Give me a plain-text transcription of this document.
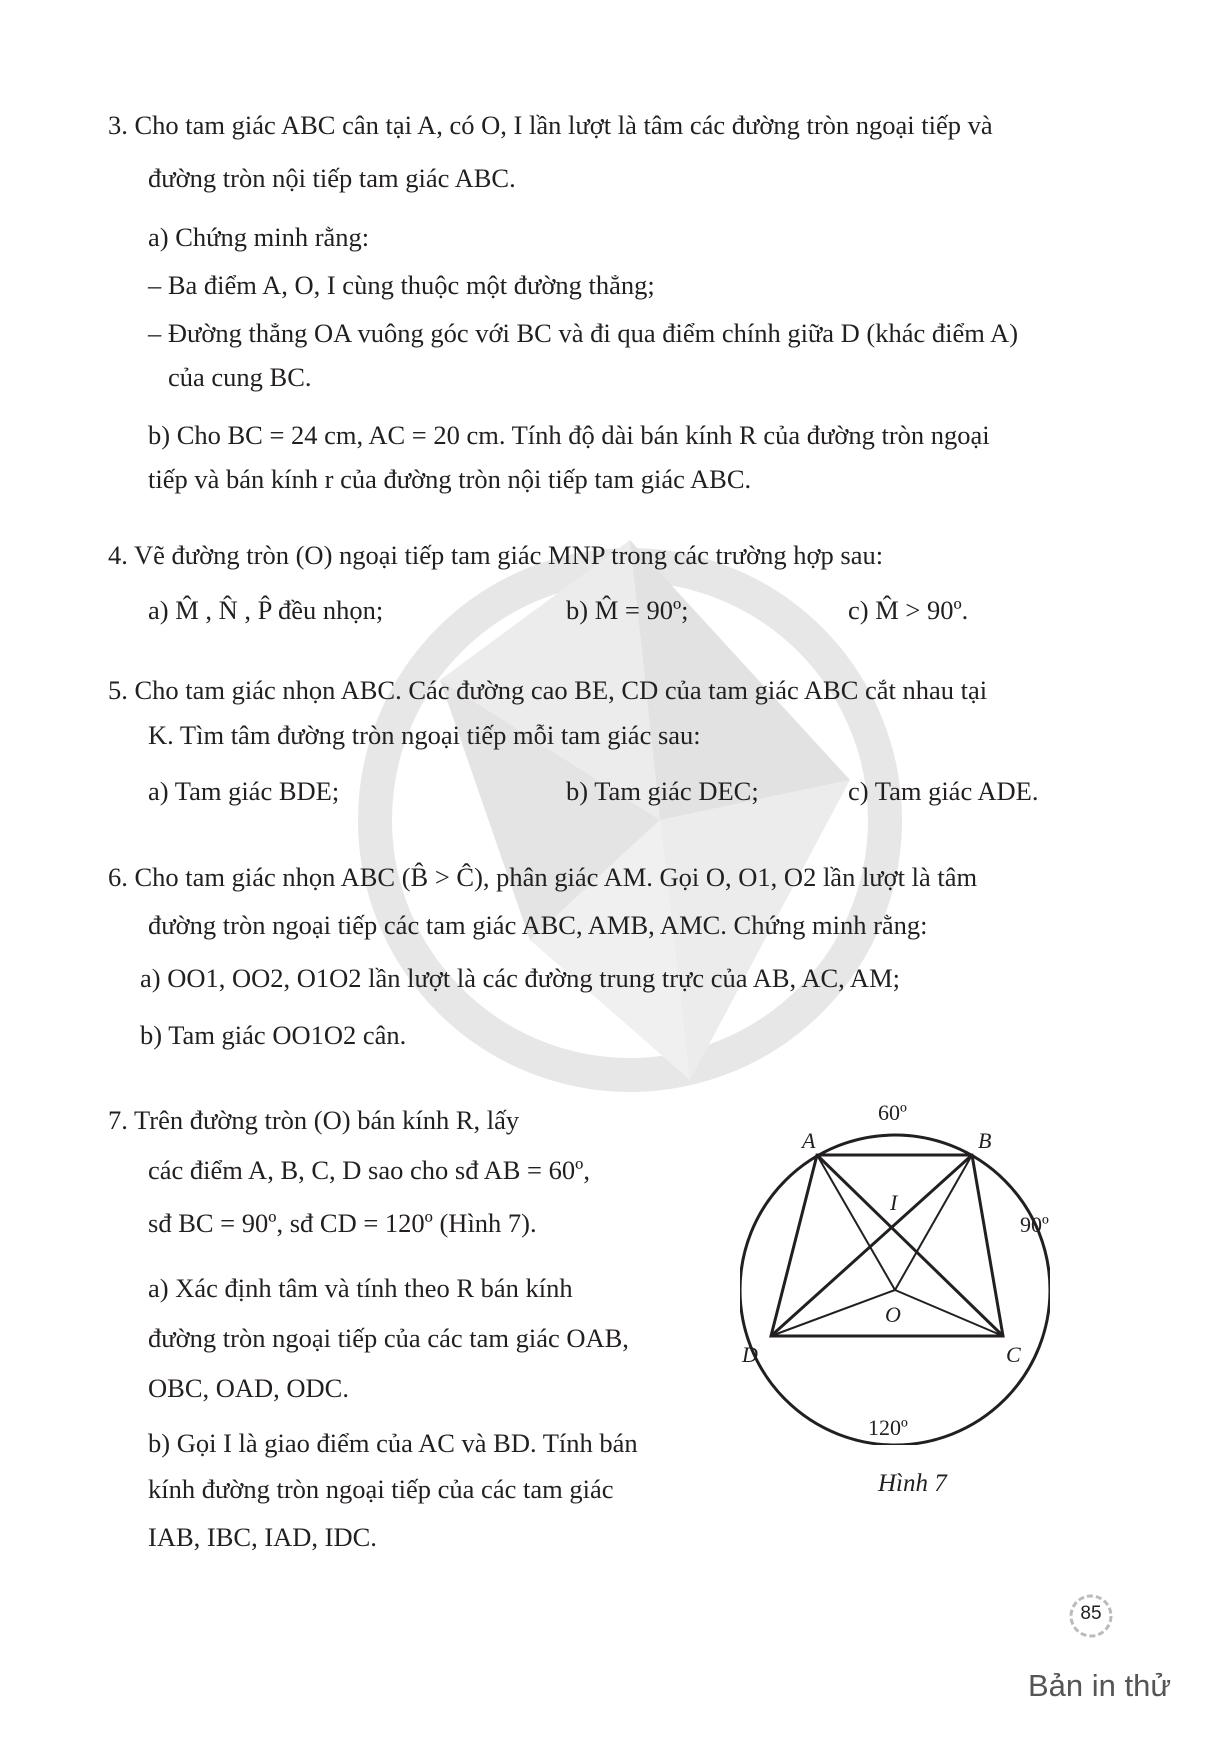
3. Cho tam giác ABC cân tại A, có O, I lần lượt là tâm các đường tròn ngoại tiếp và
đường tròn nội tiếp tam giác ABC.
a) Chứng minh rằng:
– Ba điểm A, O, I cùng thuộc một đường thẳng;
– Đường thẳng OA vuông góc với BC và đi qua điểm chính giữa D (khác điểm A)
của cung BC.
b) Cho BC = 24 cm, AC = 20 cm. Tính độ dài bán kính R của đường tròn ngoại
tiếp và bán kính r của đường tròn nội tiếp tam giác ABC.
4. Vẽ đường tròn (O) ngoại tiếp tam giác MNP trong các trường hợp sau:
a) M̂ , N̂ , P̂ đều nhọn;	b) M̂ = 90º;	c) M̂ > 90º.
5. Cho tam giác nhọn ABC. Các đường cao BE, CD của tam giác ABC cắt nhau tại
K. Tìm tâm đường tròn ngoại tiếp mỗi tam giác sau:
a) Tam giác BDE;	b) Tam giác DEC;	c) Tam giác ADE.
6. Cho tam giác nhọn ABC (B̂ > Ĉ), phân giác AM. Gọi O, O1, O2 lần lượt là tâm
đường tròn ngoại tiếp các tam giác ABC, AMB, AMC. Chứng minh rằng:
a) OO1, OO2, O1O2 lần lượt là các đường trung trực của AB, AC, AM;
b) Tam giác OO1O2 cân.
7. Trên đường tròn (O) bán kính R, lấy
các điểm A, B, C, D sao cho sđ AB = 60º,
sđ BC = 90º, sđ CD = 120º (Hình 7).
a) Xác định tâm và tính theo R bán kính
đường tròn ngoại tiếp của các tam giác OAB,
OBC, OAD, ODC.
b) Gọi I là giao điểm của AC và BD. Tính bán
kính đường tròn ngoại tiếp của các tam giác
IAB, IBC, IAD, IDC.
A	B
C
D
I
O
60º
90º
120º
Hình 7
85
Bản in thử
